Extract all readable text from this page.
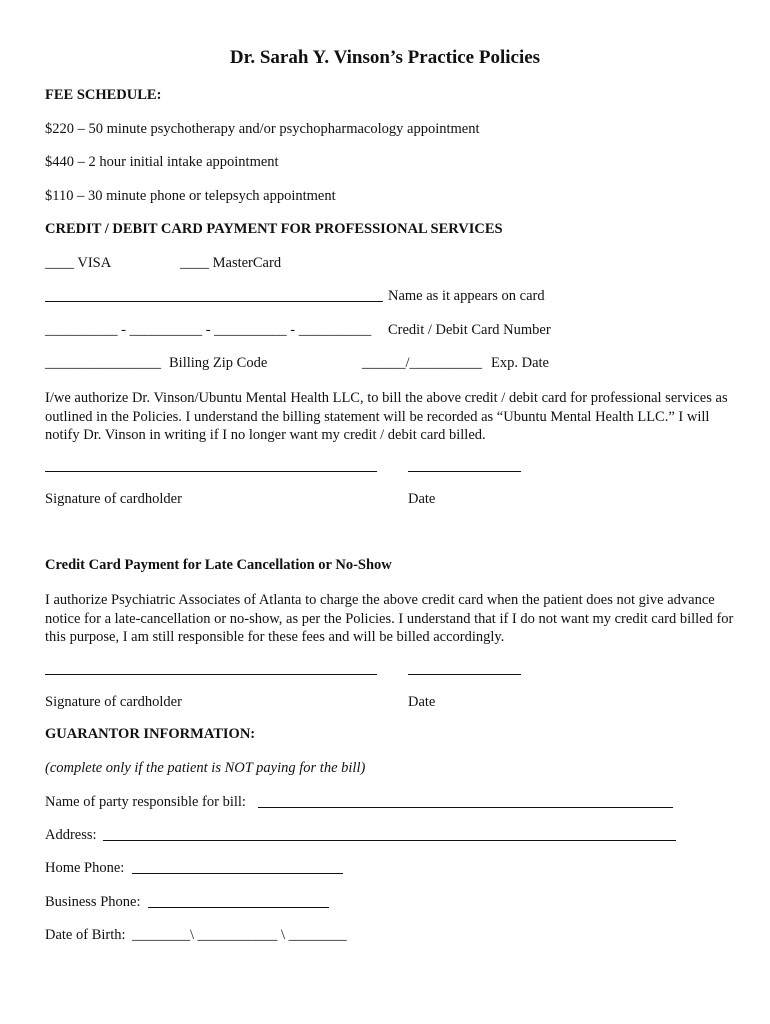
Dr. Sarah Y. Vinson’s Practice Policies
FEE SCHEDULE:
$220 – 50 minute psychotherapy and/or psychopharmacology appointment
$440 – 2 hour initial intake appointment
$110 – 30 minute phone or telepsych appointment
CREDIT / DEBIT CARD PAYMENT FOR PROFESSIONAL SERVICES
____ VISA	____ MasterCard
Name as it appears on card
__________ - __________ - __________ - __________ Credit / Debit Card Number
________________ Billing Zip Code	______/__________ Exp. Date
I/we authorize Dr. Vinson/Ubuntu Mental Health LLC, to bill the above credit / debit card for professional services as outlined in the Policies. I understand the billing statement will be recorded as “Ubuntu Mental Health LLC.” I will notify Dr. Vinson in writing if I no longer want my credit / debit card billed.
Signature of cardholder	Date
Credit Card Payment for Late Cancellation or No-Show
I authorize Psychiatric Associates of Atlanta to charge the above credit card when the patient does not give advance notice for a late-cancellation or no-show, as per the Policies. I understand that if I do not want my credit card billed for this purpose, I am still responsible for these fees and will be billed accordingly.
Signature of cardholder	Date
GUARANTOR INFORMATION:
(complete only if the patient is NOT paying for the bill)
Name of party responsible for bill:
Address:
Home Phone:
Business Phone:
Date of Birth: ________\ ___________ \ ________
